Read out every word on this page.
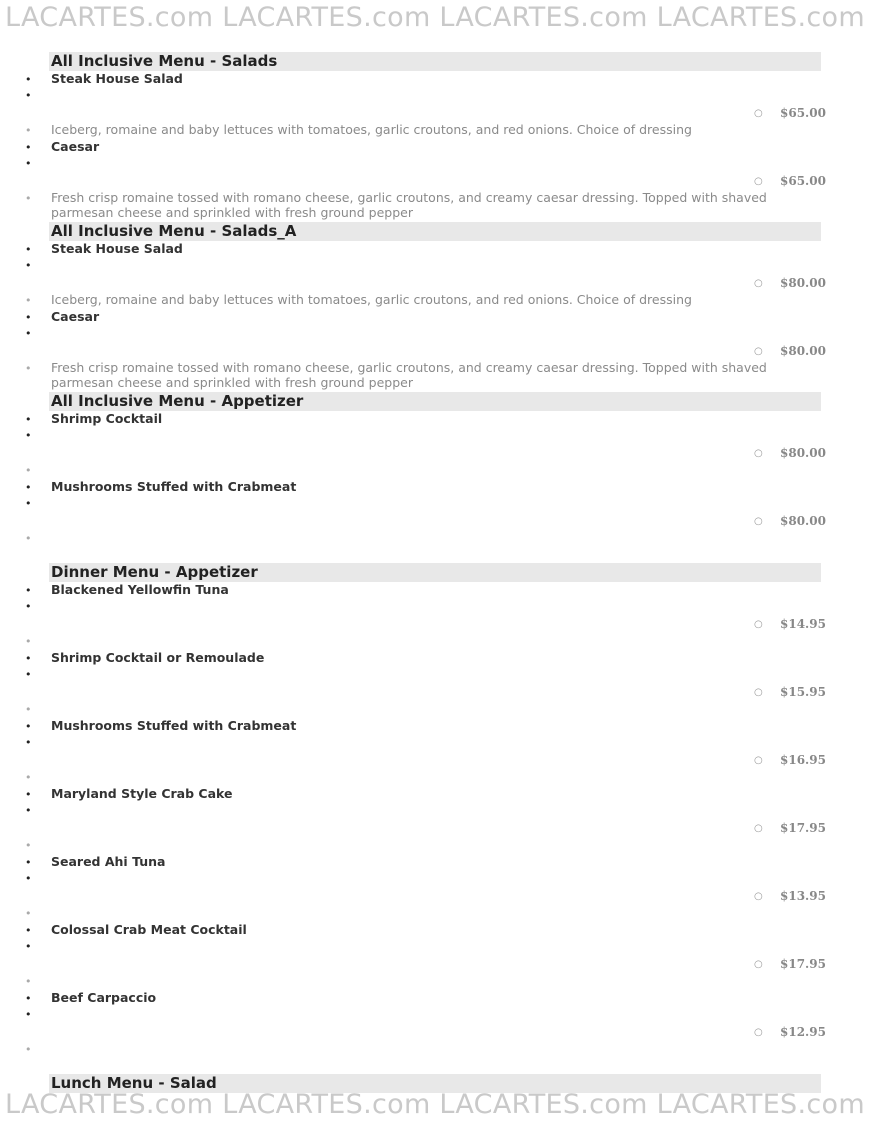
LACARTES.com LACARTES.com LACARTES.com LACARTES.com
All Inclusive Menu - Salads
• Steak House Salad
•
○ $65.00
• Iceberg, romaine and baby lettuces with tomatoes, garlic croutons, and red onions. Choice of dressing
• Caesar
•
○ $65.00
• Fresh crisp romaine tossed with romano cheese, garlic croutons, and creamy caesar dressing. Topped with shaved parmesan cheese and sprinkled with fresh ground pepper
All Inclusive Menu - Salads_A
• Steak House Salad
•
○ $80.00
• Iceberg, romaine and baby lettuces with tomatoes, garlic croutons, and red onions. Choice of dressing
• Caesar
•
○ $80.00
• Fresh crisp romaine tossed with romano cheese, garlic croutons, and creamy caesar dressing. Topped with shaved parmesan cheese and sprinkled with fresh ground pepper
All Inclusive Menu - Appetizer
• Shrimp Cocktail
•
○ $80.00
•
• Mushrooms Stuffed with Crabmeat
•
○ $80.00
•
Dinner Menu - Appetizer
• Blackened Yellowfin Tuna
•
○ $14.95
•
• Shrimp Cocktail or Remoulade
•
○ $15.95
•
• Mushrooms Stuffed with Crabmeat
•
○ $16.95
•
• Maryland Style Crab Cake
•
○ $17.95
•
• Seared Ahi Tuna
•
○ $13.95
•
• Colossal Crab Meat Cocktail
•
○ $17.95
•
• Beef Carpaccio
•
○ $12.95
•
Lunch Menu - Salad
LACARTES.com LACARTES.com LACARTES.com LACARTES.com
